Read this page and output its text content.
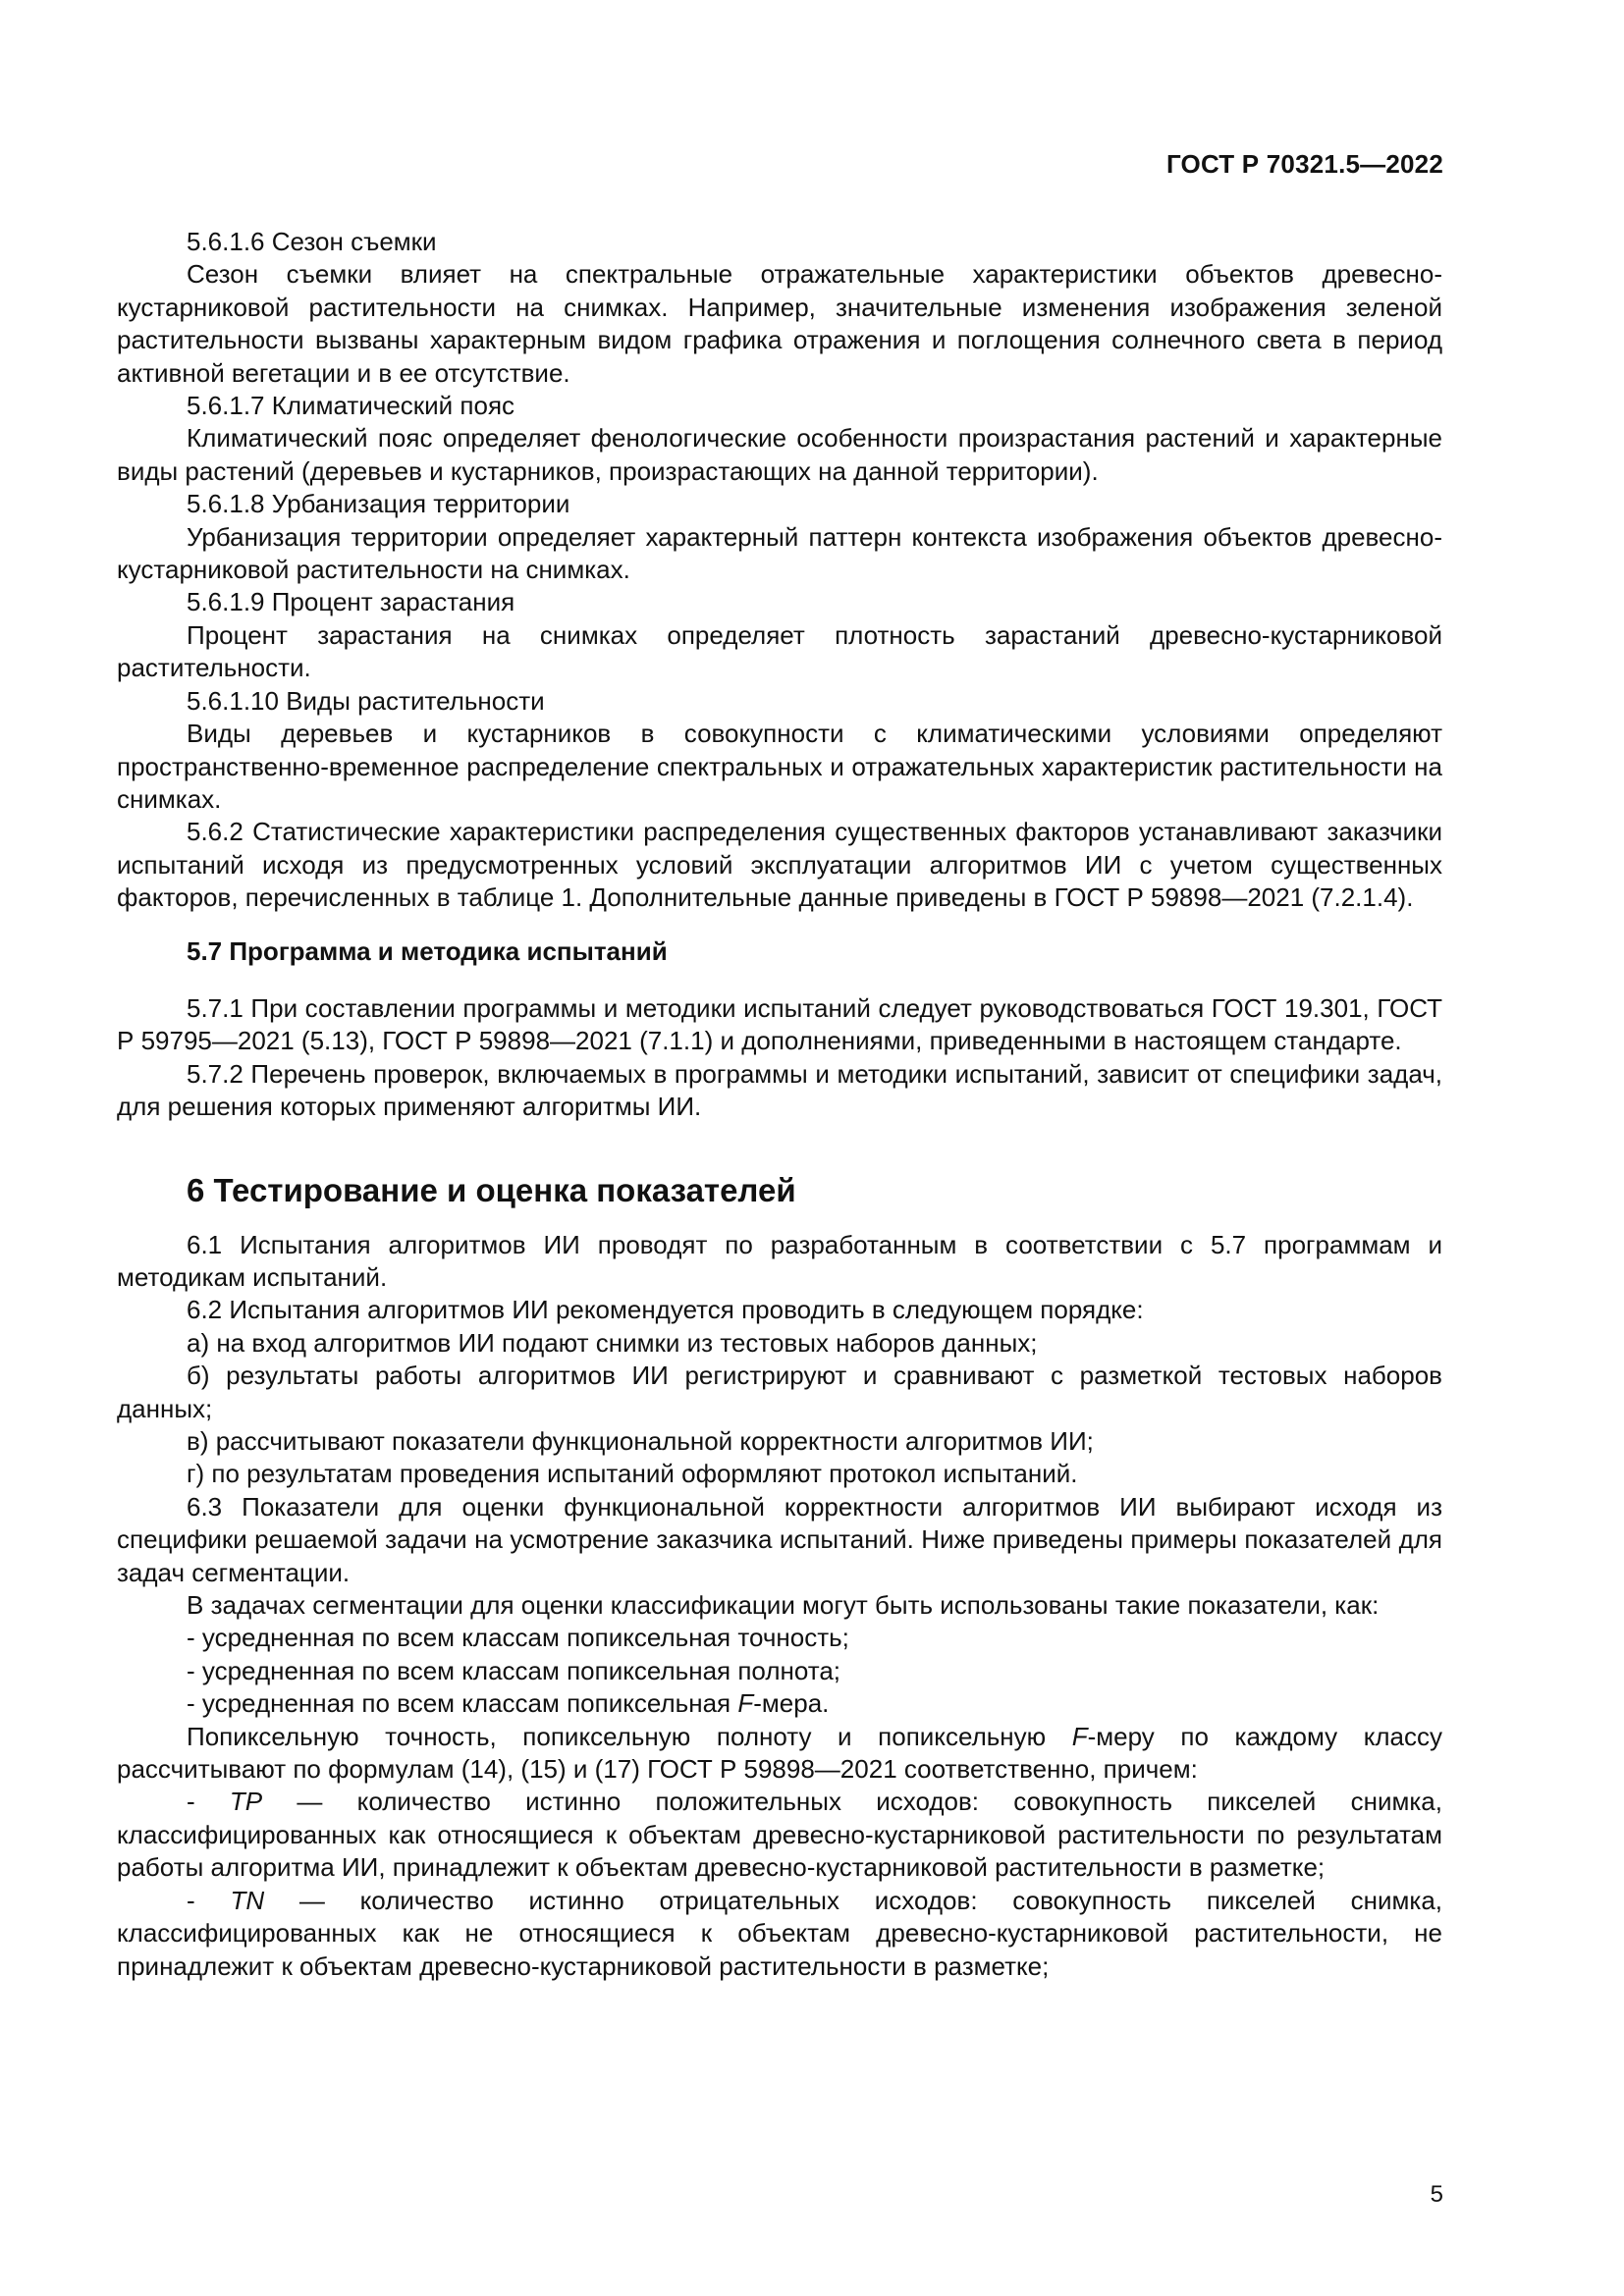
ГОСТ Р 70321.5—2022

5.6.1.6 Сезон съемки

Сезон съемки влияет на спектральные отражательные характеристики объектов древесно-кустарниковой растительности на снимках. Например, значительные изменения изображения зеленой растительности вызваны характерным видом графика отражения и поглощения солнечного света в период активной вегетации и в ее отсутствие.

5.6.1.7 Климатический пояс

Климатический пояс определяет фенологические особенности произрастания растений и характерные виды растений (деревьев и кустарников, произрастающих на данной территории).

5.6.1.8 Урбанизация территории

Урбанизация территории определяет характерный паттерн контекста изображения объектов древесно-кустарниковой растительности на снимках.

5.6.1.9 Процент зарастания

Процент зарастания на снимках определяет плотность зарастаний древесно-кустарниковой растительности.

5.6.1.10 Виды растительности

Виды деревьев и кустарников в совокупности с климатическими условиями определяют пространственно-временное распределение спектральных и отражательных характеристик растительности на снимках.

5.6.2 Статистические характеристики распределения существенных факторов устанавливают заказчики испытаний исходя из предусмотренных условий эксплуатации алгоритмов ИИ с учетом существенных факторов, перечисленных в таблице 1. Дополнительные данные приведены в ГОСТ Р 59898—2021 (7.2.1.4).

5.7 Программа и методика испытаний

5.7.1 При составлении программы и методики испытаний следует руководствоваться ГОСТ 19.301, ГОСТ Р 59795—2021 (5.13), ГОСТ Р 59898—2021 (7.1.1) и дополнениями, приведенными в настоящем стандарте.

5.7.2 Перечень проверок, включаемых в программы и методики испытаний, зависит от специфики задач, для решения которых применяют алгоритмы ИИ.

6 Тестирование и оценка показателей

6.1 Испытания алгоритмов ИИ проводят по разработанным в соответствии с 5.7 программам и методикам испытаний.

6.2 Испытания алгоритмов ИИ рекомендуется проводить в следующем порядке:

а) на вход алгоритмов ИИ подают снимки из тестовых наборов данных;

б) результаты работы алгоритмов ИИ регистрируют и сравнивают с разметкой тестовых наборов данных;

в) рассчитывают показатели функциональной корректности алгоритмов ИИ;

г) по результатам проведения испытаний оформляют протокол испытаний.

6.3 Показатели для оценки функциональной корректности алгоритмов ИИ выбирают исходя из специфики решаемой задачи на усмотрение заказчика испытаний. Ниже приведены примеры показателей для задач сегментации.

В задачах сегментации для оценки классификации могут быть использованы такие показатели, как:

- усредненная по всем классам попиксельная точность;

- усредненная по всем классам попиксельная полнота;

- усредненная по всем классам попиксельная F-мера.

Попиксельную точность, попиксельную полноту и попиксельную F-меру по каждому классу рассчитывают по формулам (14), (15) и (17) ГОСТ Р 59898—2021 соответственно, причем:

- TP — количество истинно положительных исходов: совокупность пикселей снимка, классифицированных как относящиеся к объектам древесно-кустарниковой растительности по результатам работы алгоритма ИИ, принадлежит к объектам древесно-кустарниковой растительности в разметке;

- TN — количество истинно отрицательных исходов: совокупность пикселей снимка, классифицированных как не относящиеся к объектам древесно-кустарниковой растительности, не принадлежит к объектам древесно-кустарниковой растительности в разметке;

5
